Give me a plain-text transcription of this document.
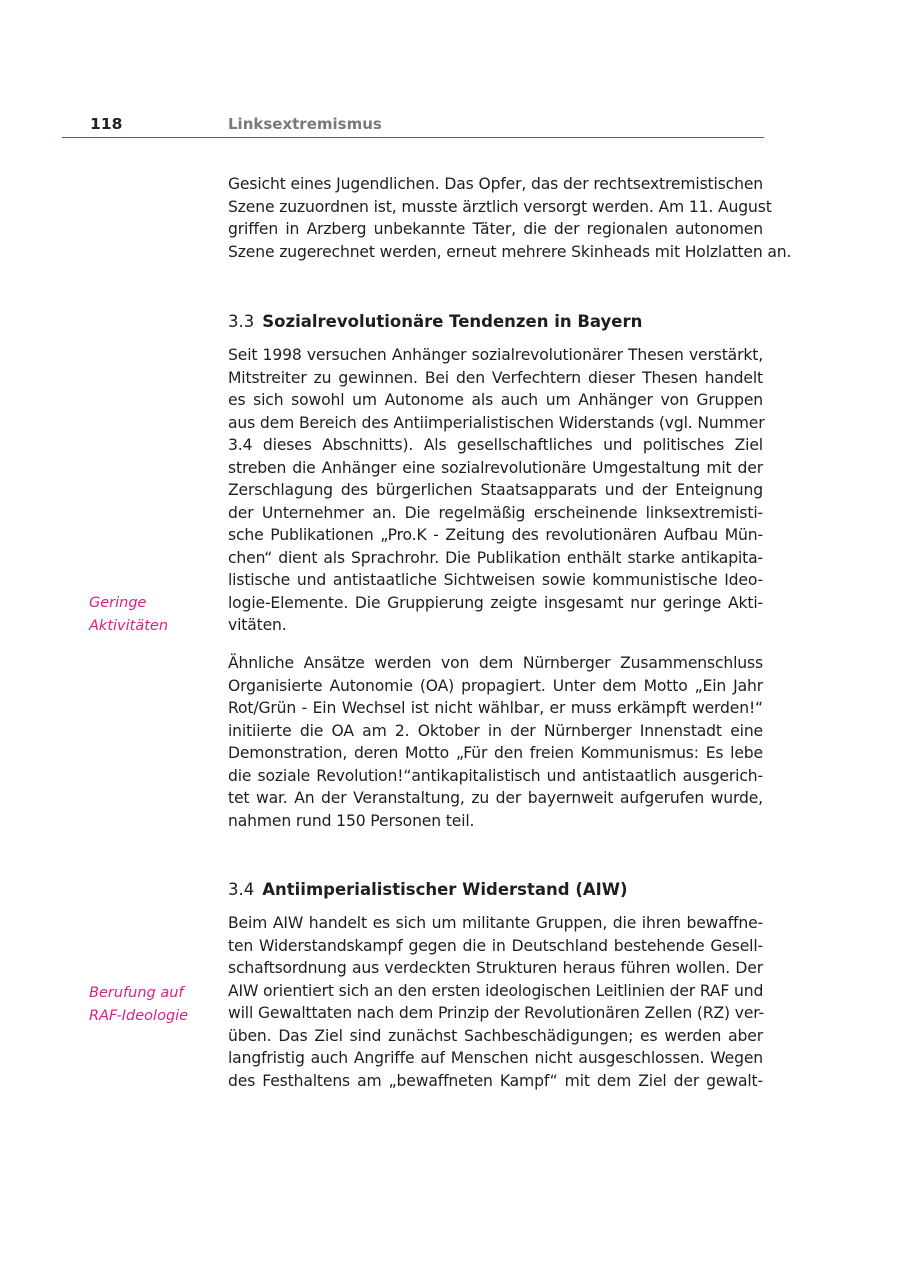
118	Linksextremismus

Gesicht eines Jugendlichen. Das Opfer, das der rechtsextremistischen
Szene zuzuordnen ist, musste ärztlich versorgt werden. Am 11. August
griffen in Arzberg unbekannte Täter, die der regionalen autonomen
Szene zugerechnet werden, erneut mehrere Skinheads mit Holzlatten an.

3.3 Sozialrevolutionäre Tendenzen in Bayern

Seit 1998 versuchen Anhänger sozialrevolutionärer Thesen verstärkt,
Mitstreiter zu gewinnen. Bei den Verfechtern dieser Thesen handelt
es sich sowohl um Autonome als auch um Anhänger von Gruppen
aus dem Bereich des Antiimperialistischen Widerstands (vgl. Nummer
3.4 dieses Abschnitts). Als gesellschaftliches und politisches Ziel
streben die Anhänger eine sozialrevolutionäre Umgestaltung mit der
Zerschlagung des bürgerlichen Staatsapparats und der Enteignung
der Unternehmer an. Die regelmäßig erscheinende linksextremisti-
sche Publikationen „Pro.K - Zeitung des revolutionären Aufbau Mün-
chen“ dient als Sprachrohr. Die Publikation enthält starke antikapita-
listische und antistaatliche Sichtweisen sowie kommunistische Ideo-
logie-Elemente. Die Gruppierung zeigte insgesamt nur geringe Akti-
vitäten.

Geringe
Aktivitäten

Ähnliche Ansätze werden von dem Nürnberger Zusammenschluss
Organisierte Autonomie (OA) propagiert. Unter dem Motto „Ein Jahr
Rot/Grün - Ein Wechsel ist nicht wählbar, er muss erkämpft werden!“
initiierte die OA am 2. Oktober in der Nürnberger Innenstadt eine
Demonstration, deren Motto „Für den freien Kommunismus: Es lebe
die soziale Revolution!“antikapitalistisch und antistaatlich ausgerich-
tet war. An der Veranstaltung, zu der bayernweit aufgerufen wurde,
nahmen rund 150 Personen teil.

3.4 Antiimperialistischer Widerstand (AIW)

Beim AIW handelt es sich um militante Gruppen, die ihren bewaffne-
ten Widerstandskampf gegen die in Deutschland bestehende Gesell-
schaftsordnung aus verdeckten Strukturen heraus führen wollen. Der
AIW orientiert sich an den ersten ideologischen Leitlinien der RAF und
will Gewalttaten nach dem Prinzip der Revolutionären Zellen (RZ) ver-
üben. Das Ziel sind zunächst Sachbeschädigungen; es werden aber
langfristig auch Angriffe auf Menschen nicht ausgeschlossen. Wegen
des Festhaltens am „bewaffneten Kampf“ mit dem Ziel der gewalt-

Berufung auf
RAF-Ideologie
